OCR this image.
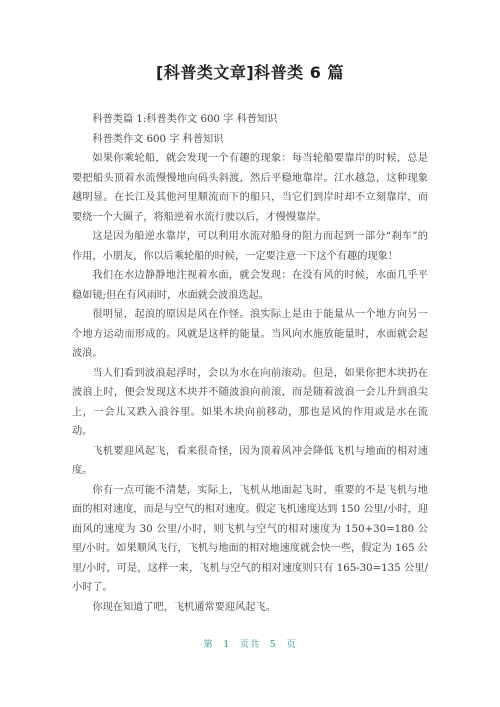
[科普类文章]科普类 6 篇

科普类篇 1:科普类作文 600 字 科普知识

科普类作文 600 字 科普知识

如果你乘轮船，就会发现一个有趣的现象：每当轮船要靠岸的时候，总是要把船头顶着水流慢慢地向码头斜渡，然后平稳地靠岸。江水越急，这种现象越明显。在长江及其他河里顺流而下的船只，当它们到岸时却不立刻靠岸，而要绕一个大圈子，将船逆着水流行驶以后，才慢慢靠岸。

这是因为船逆水靠岸，可以利用水流对船身的阻力而起到一部分“刹车”的作用，小朋友，你以后乘轮船的时候，一定要注意一下这个有趣的现象！

我们在水边静静地注视着水面，就会发现：在没有风的时候，水面几乎平稳如镜;但在有风雨时，水面就会波浪迭起。

很明显，起浪的原因是风在作怪。浪实际上是由于能量从一个地方向另一个地方运动而形成的。风就是这样的能量。当风向水施放能量时，水面就会起波浪。

当人们看到波浪起浮时，会以为水在向前滚动。但是，如果你把木块扔在波浪上时，便会发现这木块并不随波浪向前滚，而是随着波浪一会儿升到浪尖上，一会儿又跌入浪谷里。如果木块向前移动，那也是风的作用或是水在流动。

飞机要迎风起飞，看来很奇怪，因为顶着风冲会降低飞机与地面的相对速度。

你有一点可能不清楚，实际上，飞机从地面起飞时，重要的不是飞机与地面的相对速度，而是与空气的相对速度。假定飞机速度达到 150 公里/小时，迎面风的速度为 30 公里/小时，则飞机与空气的相对速度为 150+30=180 公里/小时。如果顺风飞行，飞机与地面的相对地速度就会快一些，假定为 165 公里/小时，可是，这样一来，飞机与空气的相对速度则只有 165-30=135 公里/小时了。

你现在知道了吧，飞机通常要迎风起飞。

第 1 页共 5 页
